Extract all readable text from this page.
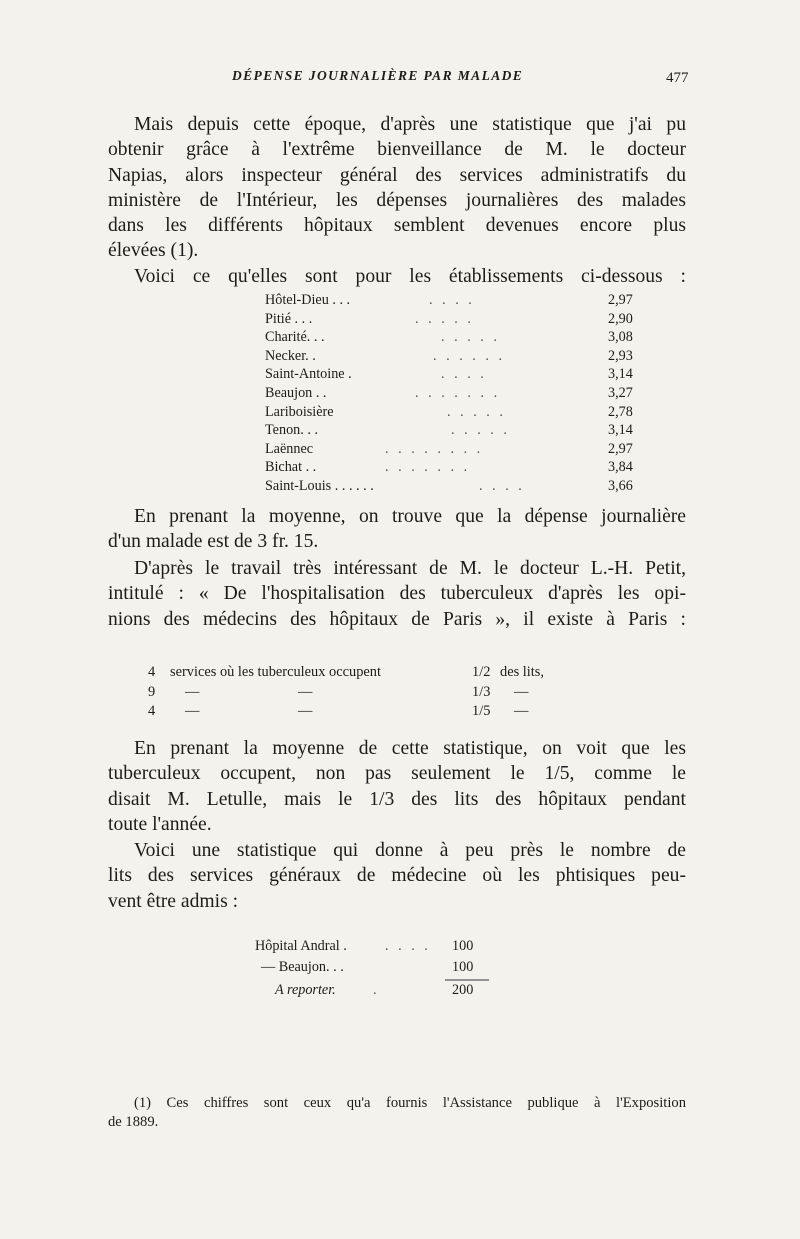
DÉPENSE JOURNALIÈRE PAR MALADE	477
Mais depuis cette époque, d'après une statistique que j'ai pu
obtenir grâce à l'extrême bienveillance de M. le docteur
Napias, alors inspecteur général des services administratifs du
ministère de l'Intérieur, les dépenses journalières des malades
dans les différents hôpitaux semblent devenues encore plus
élevées (1).
Voici ce qu'elles sont pour les établissements ci-dessous :
Hôtel-Dieu . . .	. . . .	2,97
Pitié . . .	. . . . .	2,90
Charité. . .	. . . . .	3,08
Necker. .	. . . . . .	2,93
Saint-Antoine .	. . . .	3,14
Beaujon . .	. . . . . . .	3,27
Lariboisière	. . . . .	2,78
Tenon. . .	. . . . .	3,14
Laënnec	. . . . . . . .	2,97
Bichat . .	. . . . . . .	3,84
Saint-Louis . . . . . .	. . . .	3,66
En prenant la moyenne, on trouve que la dépense journalière
d'un malade est de 3 fr. 15.
D'après le travail très intéressant de M. le docteur L.-H. Petit,
intitulé : « De l'hospitalisation des tuberculeux d'après les opi-
nions des médecins des hôpitaux de Paris », il existe à Paris :
4 services où les tuberculeux occupent	1/2 des lits,
9 —	—	1/3 —
4 —	—	1/5 —
En prenant la moyenne de cette statistique, on voit que les
tuberculeux occupent, non pas seulement le 1/5, comme le
disait M. Letulle, mais le 1/3 des lits des hôpitaux pendant
toute l'année.
Voici une statistique qui donne à peu près le nombre de
lits des services généraux de médecine où les phtisiques peu-
vent être admis :
Hôpital Andral .	. . . . 100
— Beaujon. . .	100
A reporter.	.	200
(1) Ces chiffres sont ceux qu'a fournis l'Assistance publique à l'Exposition
de 1889.
